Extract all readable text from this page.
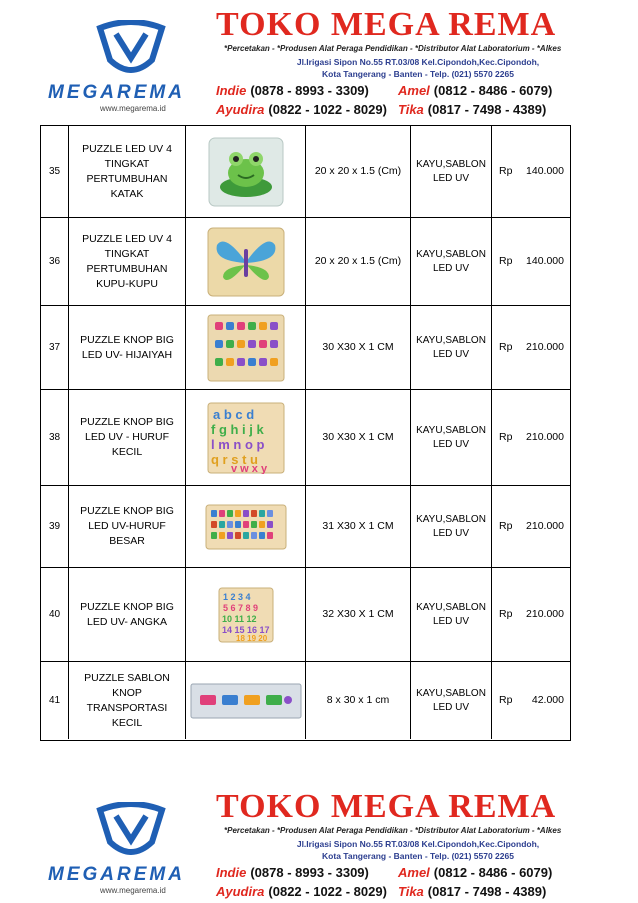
MEGAREMA
www.megarema.id
TOKO MEGA REMA
*Percetakan - *Produsen Alat Peraga Pendidikan - *Distributor Alat Laboratorium - *Alkes
Jl.Irigasi Sipon No.55 RT.03/08 Kel.Cipondoh,Kec.Cipondoh,
Kota Tangerang - Banten - Telp. (021) 5570 2265
Indie (0878 - 8993 - 3309) Amel (0812 - 8486 - 6079)
Ayudira (0822 - 1022 - 8029) Tika (0817 - 7498 - 4389)
35
PUZZLE LED UV 4 TINGKAT PERTUMBUHAN KATAK
20 x 20 x 1.5 (Cm)
KAYU,SABLON LED UV
Rp 140.000
36
PUZZLE LED UV 4 TINGKAT PERTUMBUHAN KUPU-KUPU
20 x 20 x 1.5 (Cm)
KAYU,SABLON LED UV
Rp 140.000
37
PUZZLE KNOP BIG LED UV- HIJAIYAH
30 X30 X 1 CM
KAYU,SABLON LED UV
Rp 210.000
38
PUZZLE KNOP BIG LED UV - HURUF KECIL
a b c d
f g h i j k
l m n o p
q r s t u
v w x y
30 X30 X 1 CM
KAYU,SABLON LED UV
Rp 210.000
39
PUZZLE KNOP BIG LED UV-HURUF BESAR
31 X30 X 1 CM
KAYU,SABLON LED UV
Rp 210.000
40
PUZZLE KNOP BIG LED UV- ANGKA
1 2 3 4
5 6 7 8 9
10 11 12
14 15 16 17
18 19 20
32 X30 X 1 CM
KAYU,SABLON LED UV
Rp 210.000
41
PUZZLE SABLON KNOP TRANSPORTASI KECIL
8 x 30 x 1 cm
KAYU,SABLON LED UV
Rp 42.000
MEGAREMA
www.megarema.id
TOKO MEGA REMA
*Percetakan - *Produsen Alat Peraga Pendidikan - *Distributor Alat Laboratorium - *Alkes
Jl.Irigasi Sipon No.55 RT.03/08 Kel.Cipondoh,Kec.Cipondoh,
Kota Tangerang - Banten - Telp. (021) 5570 2265
Indie (0878 - 8993 - 3309) Amel (0812 - 8486 - 6079)
Ayudira (0822 - 1022 - 8029) Tika (0817 - 7498 - 4389)
